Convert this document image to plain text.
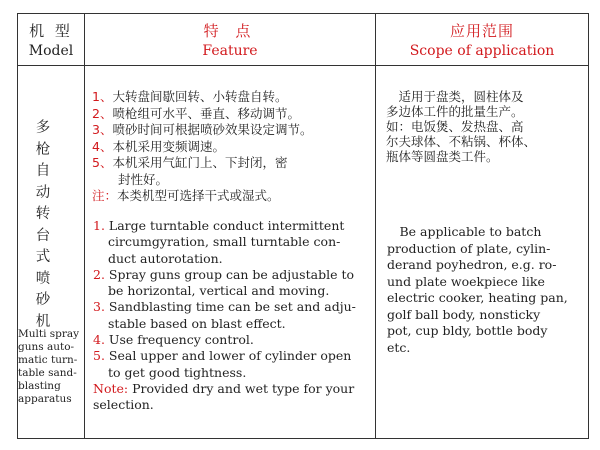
机 型
Model
特 点
Feature
应用范围
Scope of application
多
枪
自
动
转
台
式
喷
砂
机
Multi spray
guns auto-
matic turn-
table sand-
blasting
apparatus
1、大转盘间歇回转、小转盘自转。
2、喷枪组可水平、垂直、移动调节。
3、喷砂时间可根据喷砂效果设定调节。
4、本机采用变频调速。
5、本机采用气缸门上、下封闭，密
封性好。
注：本类机型可选择干式或湿式。
1. Large turntable conduct intermittent
circumgyration, small turntable con-
duct autorotation.
2. Spray guns group can be adjustable to
be horizontal, vertical and moving.
3. Sandblasting time can be set and adju-
stable based on blast effect.
4. Use frequency control.
5. Seal upper and lower of cylinder open
to get good tightness.
Note: Provided dry and wet type for your
selection.
　适用于盘类，圆柱体及
多边体工件的批量生产。
如：电饭煲、发热盘、高
尔夫球体、不粘锅、杯体、
瓶体等圆盘类工件。
　Be applicable to batch
production of plate, cylin-
derand poyhedron, e.g. ro-
und plate woekpiece like
electric cooker, heating pan,
golf ball body, nonsticky
pot, cup bldy, bottle body
etc.
